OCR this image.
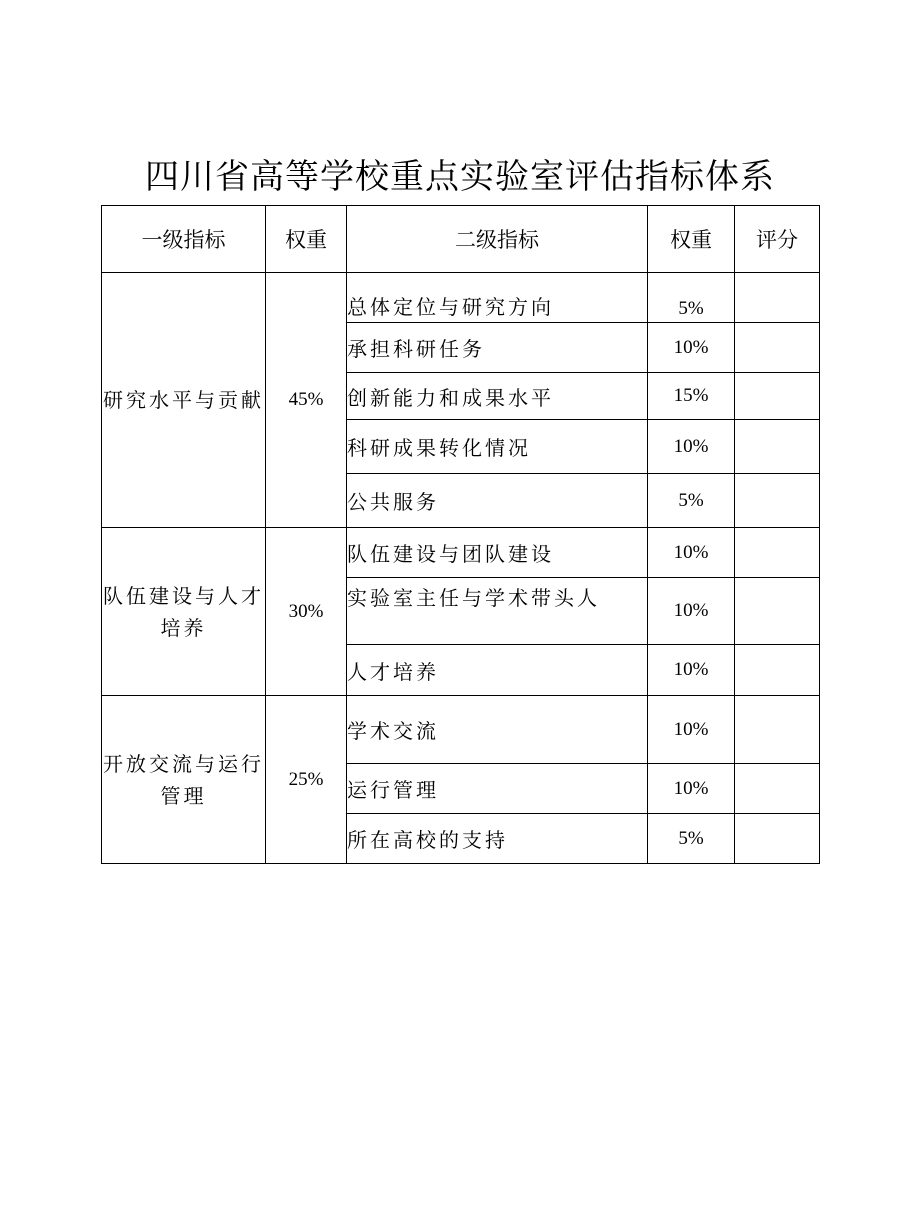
四川省高等学校重点实验室评估指标体系
一级指标	权重	二级指标	权重	评分
研究水平与贡献	45%	总体定位与研究方向	5%	
		承担科研任务	10%	
		创新能力和成果水平	15%	
		科研成果转化情况	10%	
		公共服务	5%	
队伍建设与人才培养	30%	队伍建设与团队建设	10%	
		实验室主任与学术带头人	10%	
		人才培养	10%	
开放交流与运行管理	25%	学术交流	10%	
		运行管理	10%	
		所在高校的支持	5%	
